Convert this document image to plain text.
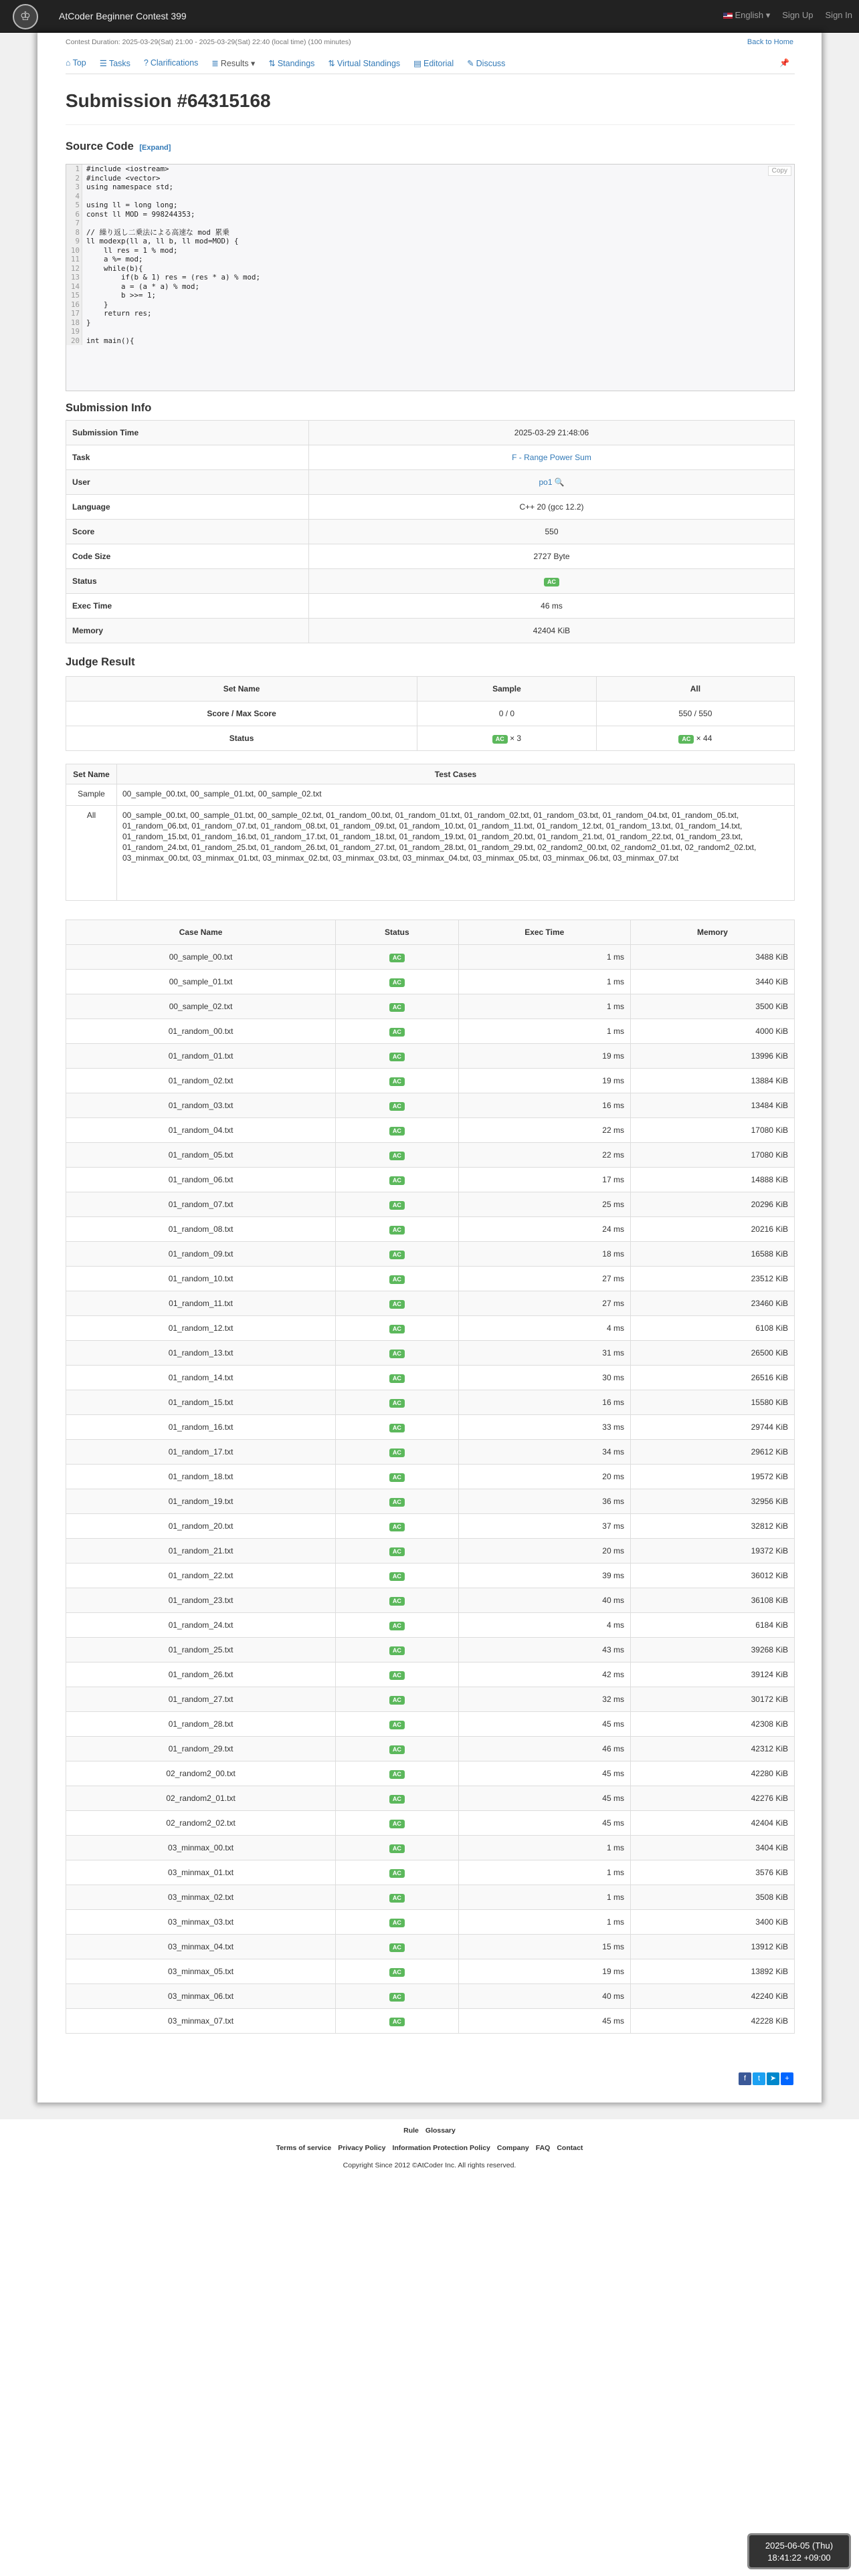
♔	AtCoder Beginner Contest 399	English ▾ Sign Up Sign In
Contest Duration: 2025-03-29(Sat) 21:00 - 2025-03-29(Sat) 22:40 (local time) (100 minutes)	Back to Home
⌂ Top	☰ Tasks	? Clarifications	≣ Results ▾	⇅ Standings	⇅ Virtual Standings	▤ Editorial	✎ Discuss	📌
Submission #64315168
Source Code [Expand]
Copy
1 #include <iostream>
2 #include <vector>
3 using namespace std;
4
5 using ll = long long;
6 const ll MOD = 998244353;
7
8 // 繰り返し二乗法による高速な mod 累乗
9 ll modexp(ll a, ll b, ll mod=MOD) {
10 ll res = 1 % mod;
11 a %= mod;
12 while(b){
13 if(b & 1) res = (res * a) % mod;
14 a = (a * a) % mod;
15 b >>= 1;
16 }
17 return res;
18 }
19
20 int main(){
Submission Info
Submission Time	2025-03-29 21:48:06
Task	F - Range Power Sum
User	po1 🔍
Language	C++ 20 (gcc 12.2)
Score	550
Code Size	2727 Byte
Status	AC
Exec Time	46 ms
Memory	42404 KiB
Judge Result
Set Name	Sample	All
Score / Max Score	0 / 0	550 / 550
Status	AC × 3	AC × 44
Set Name	Test Cases
Sample	00_sample_00.txt, 00_sample_01.txt, 00_sample_02.txt
All	00_sample_00.txt, 00_sample_01.txt, 00_sample_02.txt, 01_random_00.txt, 01_random_01.txt, 01_random_02.txt, 01_random_03.txt, 01_random_04.txt, 01_random_05.txt, 01_random_06.txt, 01_random_07.txt, 01_random_08.txt, 01_random_09.txt, 01_random_10.txt, 01_random_11.txt, 01_random_12.txt, 01_random_13.txt, 01_random_14.txt, 01_random_15.txt, 01_random_16.txt, 01_random_17.txt, 01_random_18.txt, 01_random_19.txt, 01_random_20.txt, 01_random_21.txt, 01_random_22.txt, 01_random_23.txt, 01_random_24.txt, 01_random_25.txt, 01_random_26.txt, 01_random_27.txt, 01_random_28.txt, 01_random_29.txt, 02_random2_00.txt, 02_random2_01.txt, 02_random2_02.txt, 03_minmax_00.txt, 03_minmax_01.txt, 03_minmax_02.txt, 03_minmax_03.txt, 03_minmax_04.txt, 03_minmax_05.txt, 03_minmax_06.txt, 03_minmax_07.txt
Case Name	Status	Exec Time	Memory
00_sample_00.txt	AC	1 ms	3488 KiB
00_sample_01.txt	AC	1 ms	3440 KiB
00_sample_02.txt	AC	1 ms	3500 KiB
01_random_00.txt	AC	1 ms	4000 KiB
01_random_01.txt	AC	19 ms	13996 KiB
01_random_02.txt	AC	19 ms	13884 KiB
01_random_03.txt	AC	16 ms	13484 KiB
01_random_04.txt	AC	22 ms	17080 KiB
01_random_05.txt	AC	22 ms	17080 KiB
01_random_06.txt	AC	17 ms	14888 KiB
01_random_07.txt	AC	25 ms	20296 KiB
01_random_08.txt	AC	24 ms	20216 KiB
01_random_09.txt	AC	18 ms	16588 KiB
01_random_10.txt	AC	27 ms	23512 KiB
01_random_11.txt	AC	27 ms	23460 KiB
01_random_12.txt	AC	4 ms	6108 KiB
01_random_13.txt	AC	31 ms	26500 KiB
01_random_14.txt	AC	30 ms	26516 KiB
01_random_15.txt	AC	16 ms	15580 KiB
01_random_16.txt	AC	33 ms	29744 KiB
01_random_17.txt	AC	34 ms	29612 KiB
01_random_18.txt	AC	20 ms	19572 KiB
01_random_19.txt	AC	36 ms	32956 KiB
01_random_20.txt	AC	37 ms	32812 KiB
01_random_21.txt	AC	20 ms	19372 KiB
01_random_22.txt	AC	39 ms	36012 KiB
01_random_23.txt	AC	40 ms	36108 KiB
01_random_24.txt	AC	4 ms	6184 KiB
01_random_25.txt	AC	43 ms	39268 KiB
01_random_26.txt	AC	42 ms	39124 KiB
01_random_27.txt	AC	32 ms	30172 KiB
01_random_28.txt	AC	45 ms	42308 KiB
01_random_29.txt	AC	46 ms	42312 KiB
02_random2_00.txt	AC	45 ms	42280 KiB
02_random2_01.txt	AC	45 ms	42276 KiB
02_random2_02.txt	AC	45 ms	42404 KiB
03_minmax_00.txt	AC	1 ms	3404 KiB
03_minmax_01.txt	AC	1 ms	3576 KiB
03_minmax_02.txt	AC	1 ms	3508 KiB
03_minmax_03.txt	AC	1 ms	3400 KiB
03_minmax_04.txt	AC	15 ms	13912 KiB
03_minmax_05.txt	AC	19 ms	13892 KiB
03_minmax_06.txt	AC	40 ms	42240 KiB
03_minmax_07.txt	AC	45 ms	42228 KiB
f	t	➤	+
Rule Glossary
Terms of service Privacy Policy Information Protection Policy Company FAQ Contact
Copyright Since 2012 ©AtCoder Inc. All rights reserved.
2025-06-05 (Thu)
18:41:22 +09:00
